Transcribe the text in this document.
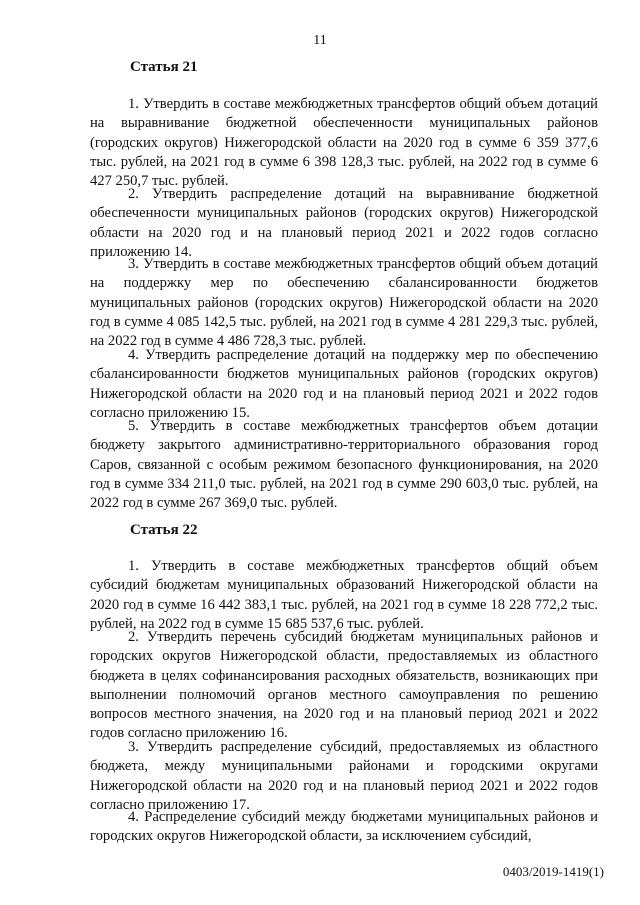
11
Статья 21

1. Утвердить в составе межбюджетных трансфертов общий объем дотаций на выравнивание бюджетной обеспеченности муниципальных районов (городских округов) Нижегородской области на 2020 год в сумме 6 359 377,6 тыс. рублей, на 2021 год в сумме 6 398 128,3 тыс. рублей, на 2022 год в сумме 6 427 250,7 тыс. рублей.

2. Утвердить распределение дотаций на выравнивание бюджетной обеспеченности муниципальных районов (городских округов) Нижегородской области на 2020 год и на плановый период 2021 и 2022 годов согласно приложению 14.

3. Утвердить в составе межбюджетных трансфертов общий объем дотаций на поддержку мер по обеспечению сбалансированности бюджетов муниципальных районов (городских округов) Нижегородской области на 2020 год в сумме 4 085 142,5 тыс. рублей, на 2021 год в сумме 4 281 229,3 тыс. рублей, на 2022 год в сумме 4 486 728,3 тыс. рублей.

4. Утвердить распределение дотаций на поддержку мер по обеспечению сбалансированности бюджетов муниципальных районов (городских округов) Нижегородской области на 2020 год и на плановый период 2021 и 2022 годов согласно приложению 15.

5. Утвердить в составе межбюджетных трансфертов объем дотации бюджету закрытого административно-территориального образования город Саров, связанной с особым режимом безопасного функционирования, на 2020 год в сумме 334 211,0 тыс. рублей, на 2021 год в сумме 290 603,0 тыс. рублей, на 2022 год в сумме 267 369,0 тыс. рублей.

Статья 22

1. Утвердить в составе межбюджетных трансфертов общий объем субсидий бюджетам муниципальных образований Нижегородской области на 2020 год в сумме 16 442 383,1 тыс. рублей, на 2021 год в сумме 18 228 772,2 тыс. рублей, на 2022 год в сумме 15 685 537,6 тыс. рублей.

2. Утвердить перечень субсидий бюджетам муниципальных районов и городских округов Нижегородской области, предоставляемых из областного бюджета в целях софинансирования расходных обязательств, возникающих при выполнении полномочий органов местного самоуправления по решению вопросов местного значения, на 2020 год и на плановый период 2021 и 2022 годов согласно приложению 16.

3. Утвердить распределение субсидий, предоставляемых из областного бюджета, между муниципальными районами и городскими округами Нижегородской области на 2020 год и на плановый период 2021 и 2022 годов согласно приложению 17.

4. Распределение субсидий между бюджетами муниципальных районов и городских округов Нижегородской области, за исключением субсидий,

0403/2019-1419(1)
